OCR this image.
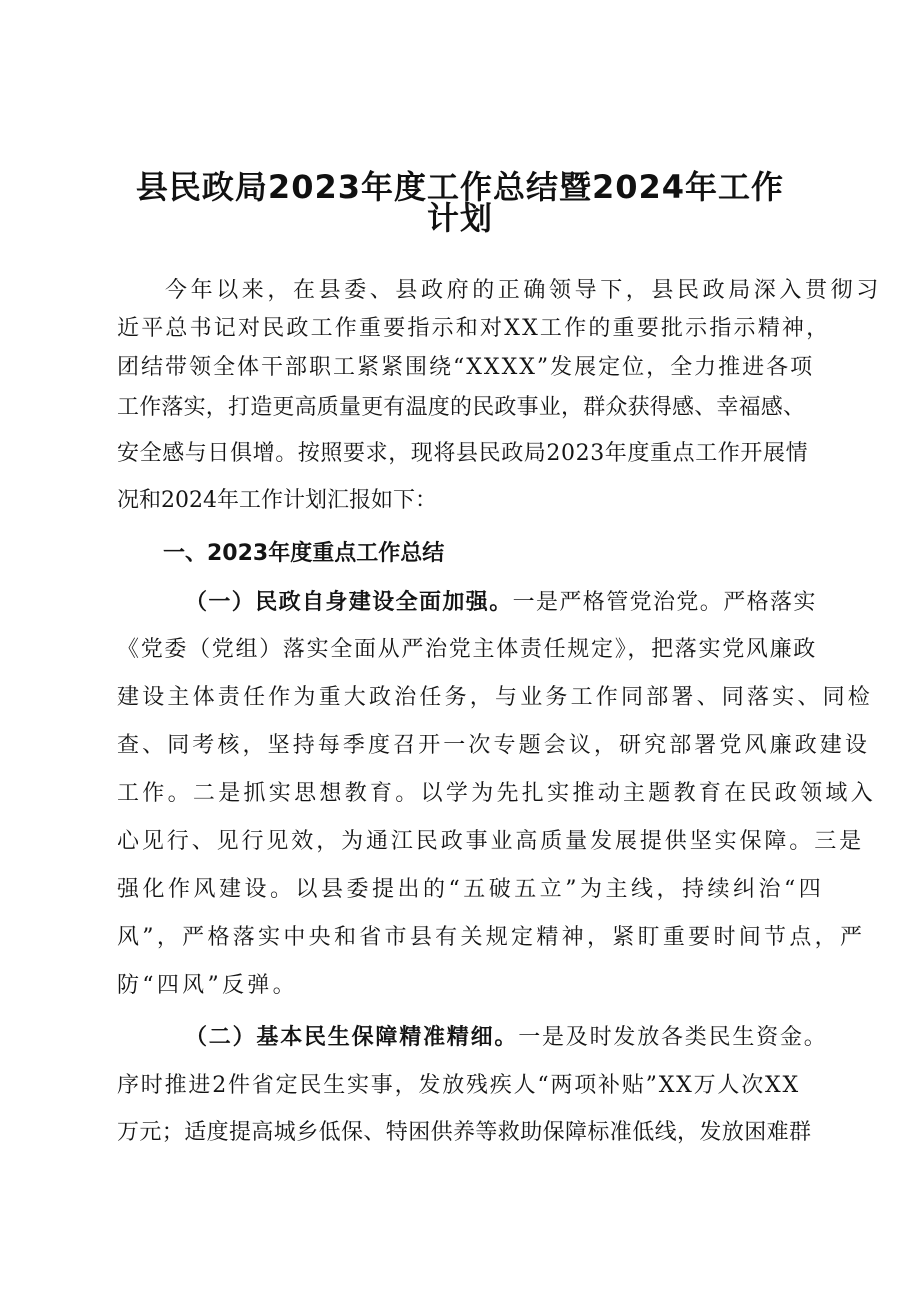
县民政局2023年度工作总结暨2024年工作
计划
今年以来，在县委、县政府的正确领导下，县民政局深入贯彻习
近平总书记对民政工作重要指示和对XX工作的重要批示指示精神，
团结带领全体干部职工紧紧围绕“XXXX”发展定位，全力推进各项
工作落实，打造更高质量更有温度的民政事业，群众获得感、幸福感、
安全感与日俱增。按照要求，现将县民政局2023年度重点工作开展情
况和2024年工作计划汇报如下：
一、2023年度重点工作总结
（一）民政自身建设全面加强。一是严格管党治党。严格落实
《党委（党组）落实全面从严治党主体责任规定》，把落实党风廉政
建设主体责任作为重大政治任务，与业务工作同部署、同落实、同检
查、同考核，坚持每季度召开一次专题会议，研究部署党风廉政建设
工作。二是抓实思想教育。以学为先扎实推动主题教育在民政领域入
心见行、见行见效，为通江民政事业高质量发展提供坚实保障。三是
强化作风建设。以县委提出的“五破五立”为主线，持续纠治“四
风”，严格落实中央和省市县有关规定精神，紧盯重要时间节点，严
防“四风”反弹。
（二）基本民生保障精准精细。一是及时发放各类民生资金。
序时推进2件省定民生实事，发放残疾人“两项补贴”XX万人次XX
万元；适度提高城乡低保、特困供养等救助保障标准低线，发放困难群
